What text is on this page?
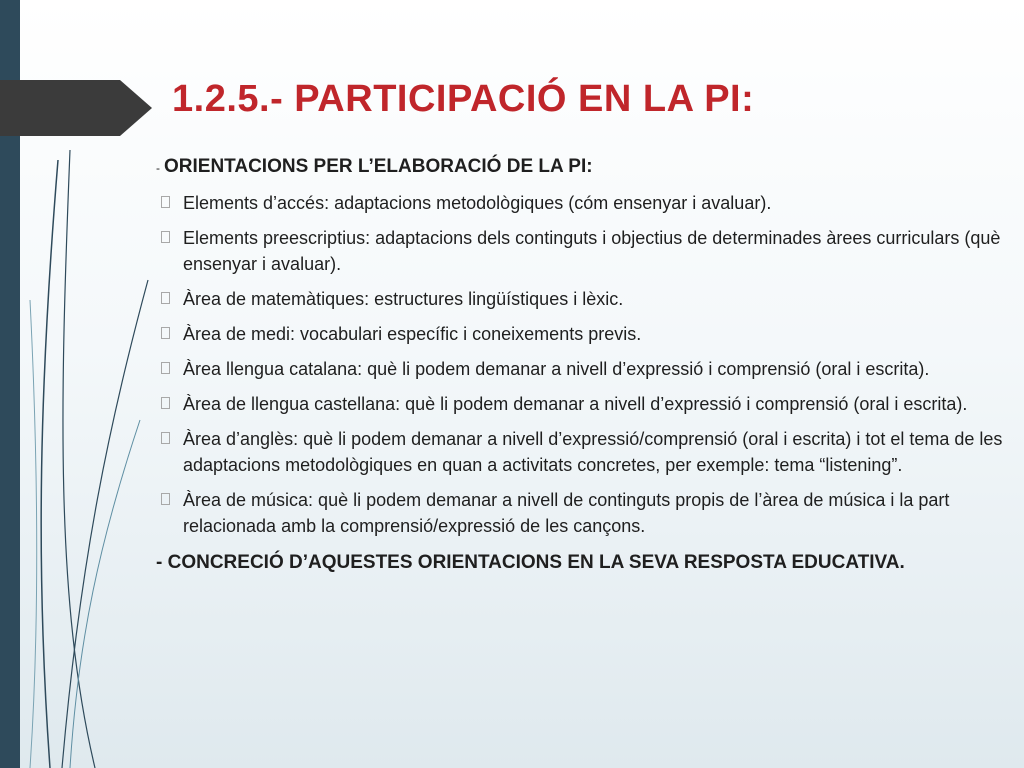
1.2.5.- PARTICIPACIÓ EN LA PI:
- ORIENTACIONS PER L’ELABORACIÓ DE LA PI:
Elements d’accés: adaptacions metodològiques (cóm ensenyar i avaluar).
Elements preescriptius: adaptacions dels continguts i objectius de determinades àrees curriculars (què ensenyar i avaluar).
Àrea de matemàtiques: estructures lingüístiques i lèxic.
Àrea de medi: vocabulari específic i coneixements previs.
Àrea llengua catalana: què li podem demanar a nivell d’expressió i comprensió (oral i escrita).
Àrea de llengua castellana: què li podem demanar a nivell d’expressió i comprensió (oral i escrita).
Àrea d’anglès: què li podem demanar a nivell d’expressió/comprensió (oral i escrita) i tot el tema de les adaptacions metodològiques en quan a activitats concretes, per exemple: tema “listening”.
Àrea de música: què li podem demanar a nivell de continguts propis de l’àrea de música i la part relacionada amb la comprensió/expressió de les cançons.
- CONCRECIÓ D’AQUESTES ORIENTACIONS EN LA SEVA RESPOSTA EDUCATIVA.
